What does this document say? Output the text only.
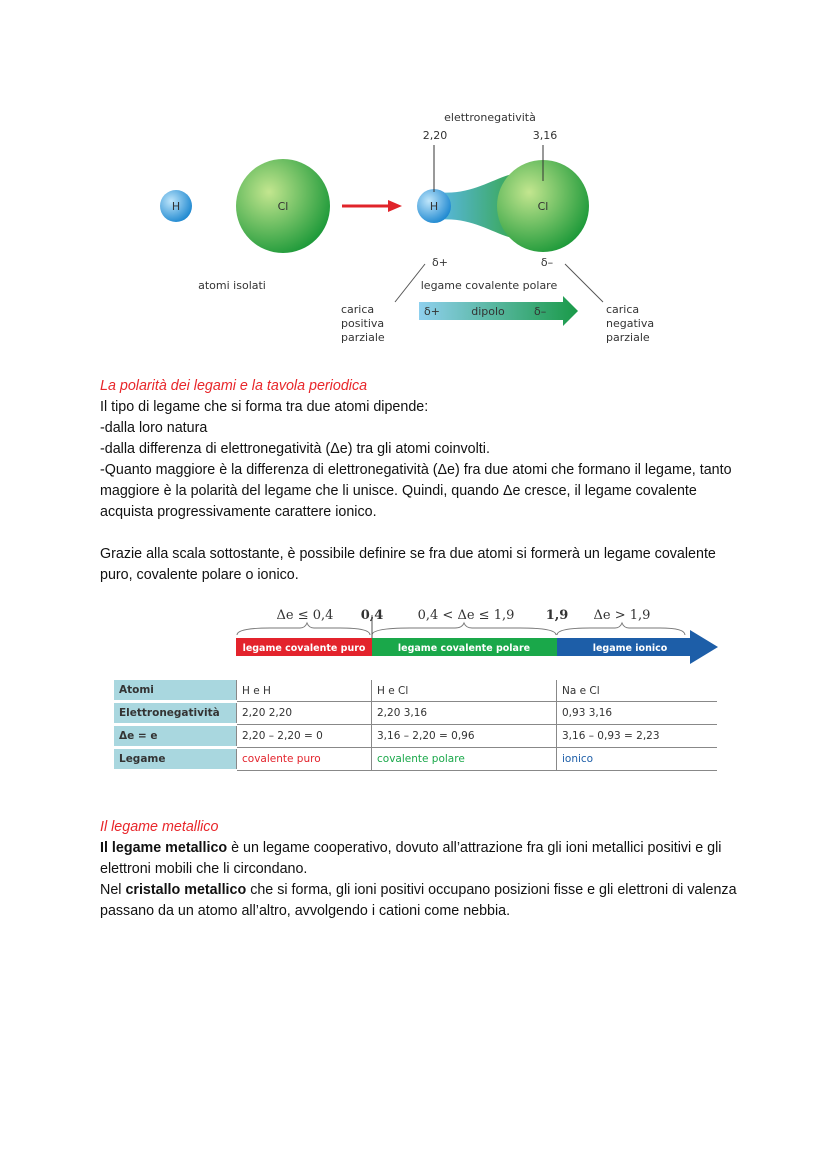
H	Cl
atomi isolati
H	Cl
elettronegatività
2,20	3,16
δ+	δ–
legame covalente polare
δ+	dipolo	δ–
carica
positiva
parziale
carica
negativa
parziale

La polarità dei legami e la tavola periodica

Il tipo di legame che si forma tra due atomi dipende:

-dalla loro natura

-dalla differenza di elettronegatività (Δe) tra gli atomi coinvolti.

-Quanto maggiore è la differenza di elettronegatività (Δe) fra due atomi che formano il legame, tanto maggiore è la polarità del legame che li unisce. Quindi, quando Δe cresce, il legame covalente acquista progressivamente carattere ionico.

Grazie alla scala sottostante, è possibile definire se fra due atomi si formerà un legame covalente puro, covalente polare o ionico.

Δe ≤ 0,4 0,4	0,4 < Δe ≤ 1,9 1,9 Δe > 1,9
legame covalente puro	legame covalente polare	legame ionico
Atomi	H e H	H e Cl	Na e Cl
Elettronegatività	2,20 2,20	2,20 3,16	0,93 3,16
Δe = e	2,20 – 2,20 = 0	3,16 – 2,20 = 0,96	3,16 – 0,93 = 2,23
Legame	covalente puro	covalente polare	ionico

Il legame metallico

Il legame metallico è un legame cooperativo, dovuto all’attrazione fra gli ioni metallici positivi e gli elettroni mobili che li circondano.

Nel cristallo metallico che si forma, gli ioni positivi occupano posizioni fisse e gli elettroni di valenza passano da un atomo all’altro, avvolgendo i cationi come nebbia.
